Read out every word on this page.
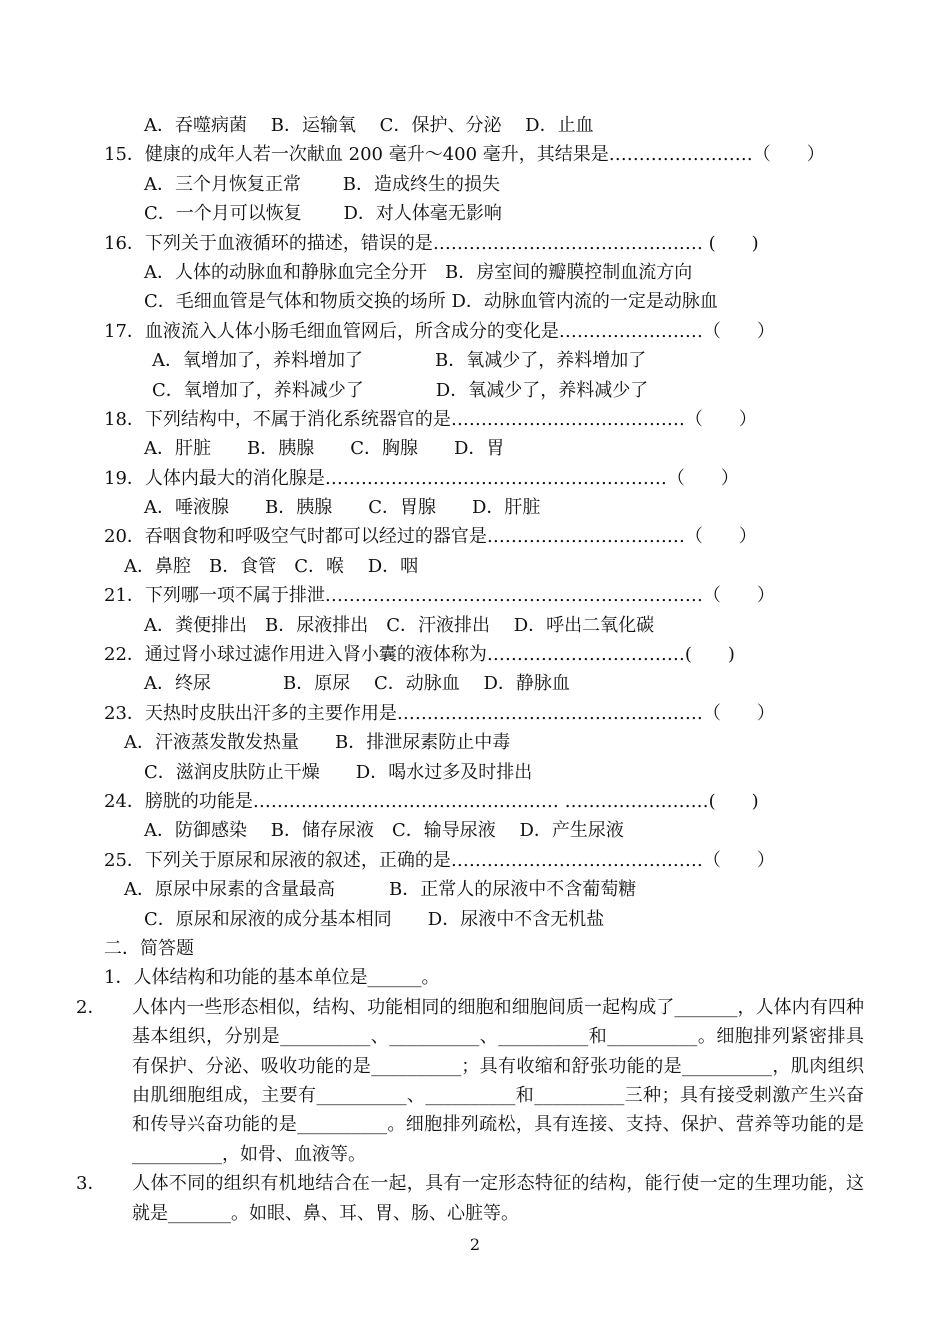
A．吞噬病菌　 B．运输氧　 C．保护、分泌　 D．止血
15．健康的成年人若一次献血 200 毫升～400 毫升，其结果是……………………（　　）
A．三个月恢复正常　　 B．造成终生的损失
C．一个月可以恢复　　 D．对人体毫无影响
16．下列关于血液循环的描述，错误的是……………………………………… (　　)
A．人体的动脉血和静脉血完全分开　B．房室间的瓣膜控制血流方向
C．毛细血管是气体和物质交换的场所 D．动脉血管内流的一定是动脉血
17．血液流入人体小肠毛细血管网后，所含成分的变化是……………………（　　）
A．氧增加了，养料增加了　　　　B．氧减少了，养料增加了
C．氧增加了，养料减少了　　　　D．氧减少了，养料减少了
18．下列结构中，不属于消化系统器官的是…………………………………（　　）
A．肝脏　　B．胰腺　　C．胸腺　　D．胃
19．人体内最大的消化腺是…………………………………………………（　　）
A．唾液腺　　B．胰腺　　C．胃腺　　D．肝脏
20．吞咽食物和呼吸空气时都可以经过的器官是……………………………（　　）
A．鼻腔　B．食管　C．喉　 D．咽
21．下列哪一项不属于排泄………………………………………………………（　　）
A．粪便排出　B．尿液排出　C．汗液排出　 D．呼出二氧化碳
22．通过肾小球过滤作用进入肾小囊的液体称为……………………………(　　)
A．终尿　　　　B．原尿　 C．动脉血　 D．静脉血
23．天热时皮肤出汗多的主要作用是……………………………………………（　　）
A．汗液蒸发散发热量　　B．排泄尿素防止中毒
C．滋润皮肤防止干燥　　D．喝水过多及时排出
24．膀胱的功能是…………………………………………… ……………………(　　)
A．防御感染　 B．储存尿液　C．输导尿液　 D．产生尿液
25．下列关于原尿和尿液的叙述，正确的是……………………………………（　　）
A．原尿中尿素的含量最高　　　B．正常人的尿液中不含葡萄糖
C．原尿和尿液的成分基本相同　　D．尿液中不含无机盐
二．简答题
1．人体结构和功能的基本单位是______。
2． 人体内一些形态相似，结构、功能相同的细胞和细胞间质一起构成了_______，人体内有四种基本组织，分别是__________、__________、__________和__________。细胞排列紧密排具有保护、分泌、吸收功能的是__________；具有收缩和舒张功能的是__________，肌肉组织由肌细胞组成，主要有__________、__________和__________三种；具有接受刺激产生兴奋和传导兴奋功能的是__________。细胞排列疏松，具有连接、支持、保护、营养等功能的是__________，如骨、血液等。
3． 人体不同的组织有机地结合在一起，具有一定形态特征的结构，能行使一定的生理功能，这就是_______。如眼、鼻、耳、胃、肠、心脏等。
2
